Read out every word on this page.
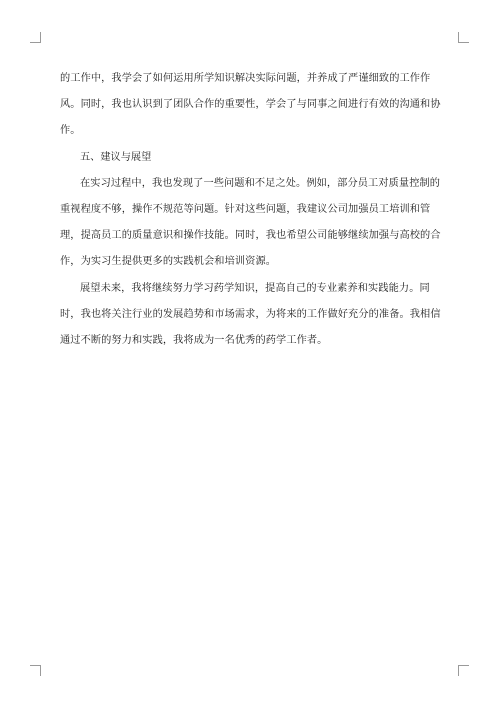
的工作中，我学会了如何运用所学知识解决实际问题，并养成了严谨细致的工作作风。同时，我也认识到了团队合作的重要性，学会了与同事之间进行有效的沟通和协作。

五、建议与展望

在实习过程中，我也发现了一些问题和不足之处。例如，部分员工对质量控制的重视程度不够，操作不规范等问题。针对这些问题，我建议公司加强员工培训和管理，提高员工的质量意识和操作技能。同时，我也希望公司能够继续加强与高校的合作，为实习生提供更多的实践机会和培训资源。

展望未来，我将继续努力学习药学知识，提高自己的专业素养和实践能力。同时，我也将关注行业的发展趋势和市场需求，为将来的工作做好充分的准备。我相信通过不断的努力和实践，我将成为一名优秀的药学工作者。
